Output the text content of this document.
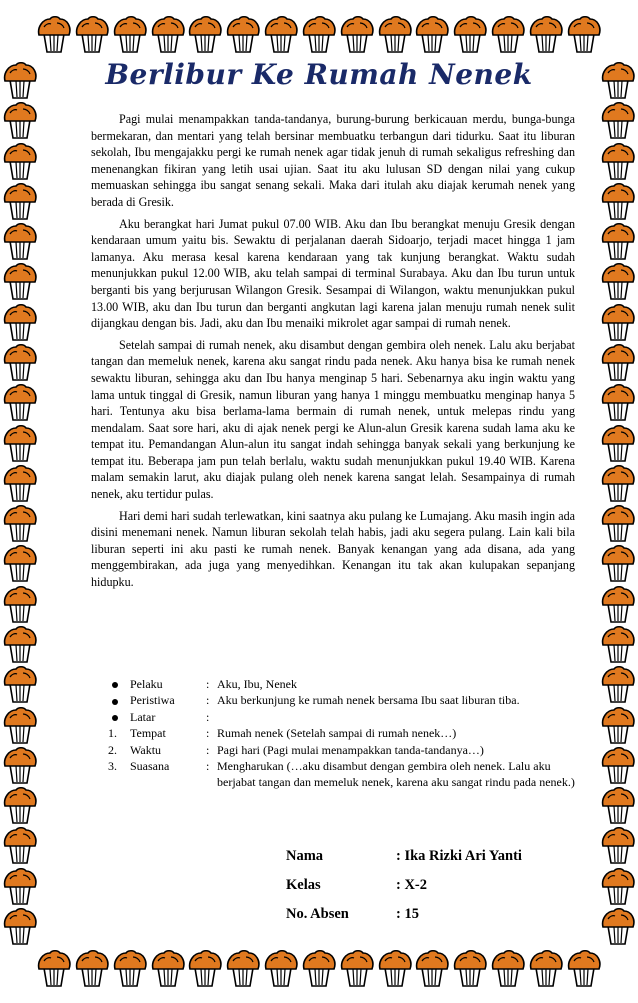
Berlibur Ke Rumah Nenek

Pagi mulai menampakkan tanda-tandanya, burung-burung berkicauan merdu, bunga-bunga bermekaran, dan mentari yang telah bersinar membuatku terbangun dari tidurku. Saat itu liburan sekolah, Ibu mengajakku pergi ke rumah nenek agar tidak jenuh di rumah sekaligus refreshing dan menenangkan fikiran yang letih usai ujian. Saat itu aku lulusan SD dengan nilai yang cukup memuaskan sehingga ibu sangat senang sekali. Maka dari itulah aku diajak kerumah nenek yang berada di Gresik.

Aku berangkat hari Jumat pukul 07.00 WIB. Aku dan Ibu berangkat menuju Gresik dengan kendaraan umum yaitu bis. Sewaktu di perjalanan daerah Sidoarjo, terjadi macet hingga 1 jam lamanya. Aku merasa kesal karena kendaraan yang tak kunjung berangkat. Waktu sudah menunjukkan pukul 12.00 WIB, aku telah sampai di terminal Surabaya. Aku dan Ibu turun untuk berganti bis yang berjurusan Wilangon Gresik. Sesampai di Wilangon, waktu menunjukkan pukul 13.00 WIB, aku dan Ibu turun dan berganti angkutan lagi karena jalan menuju rumah nenek sulit dijangkau dengan bis. Jadi, aku dan Ibu menaiki mikrolet agar sampai di rumah nenek.

Setelah sampai di rumah nenek, aku disambut dengan gembira oleh nenek. Lalu aku berjabat tangan dan memeluk nenek, karena aku sangat rindu pada nenek. Aku hanya bisa ke rumah nenek sewaktu liburan, sehingga aku dan Ibu hanya menginap 5 hari. Sebenarnya aku ingin waktu yang lama untuk tinggal di Gresik, namun liburan yang hanya 1 minggu membuatku menginap hanya 5 hari. Tentunya aku bisa berlama-lama bermain di rumah nenek, untuk melepas rindu yang mendalam. Saat sore hari, aku di ajak nenek pergi ke Alun-alun Gresik karena sudah lama aku ke tempat itu. Pemandangan Alun-alun itu sangat indah sehingga banyak sekali yang berkunjung ke tempat itu. Beberapa jam pun telah berlalu, waktu sudah menunjukkan pukul 19.40 WIB. Karena malam semakin larut, aku diajak pulang oleh nenek karena sangat lelah. Sesampainya di rumah nenek, aku tertidur pulas.

Hari demi hari sudah terlewatkan, kini saatnya aku pulang ke Lumajang. Aku masih ingin ada disini menemani nenek. Namun liburan sekolah telah habis, jadi aku segera pulang. Lain kali bila liburan seperti ini aku pasti ke rumah nenek. Banyak kenangan yang ada disana, ada yang menggembirakan, ada juga yang menyedihkan. Kenangan itu tak akan kulupakan sepanjang hidupku.

Pelaku	: Aku, Ibu, Nenek
Peristiwa	: Aku berkunjung ke rumah nenek bersama Ibu saat liburan tiba.
Latar	:
1.	Tempat	: Rumah nenek (Setelah sampai di rumah nenek…)
2.	Waktu	: Pagi hari (Pagi mulai menampakkan tanda-tandanya…)
3.	Suasana	: Mengharukan (…aku disambut dengan gembira oleh nenek. Lalu aku berjabat tangan dan memeluk nenek, karena aku sangat rindu pada nenek.)
Nama	: Ika Rizki Ari Yanti
Kelas	: X-2
No. Absen	: 15
